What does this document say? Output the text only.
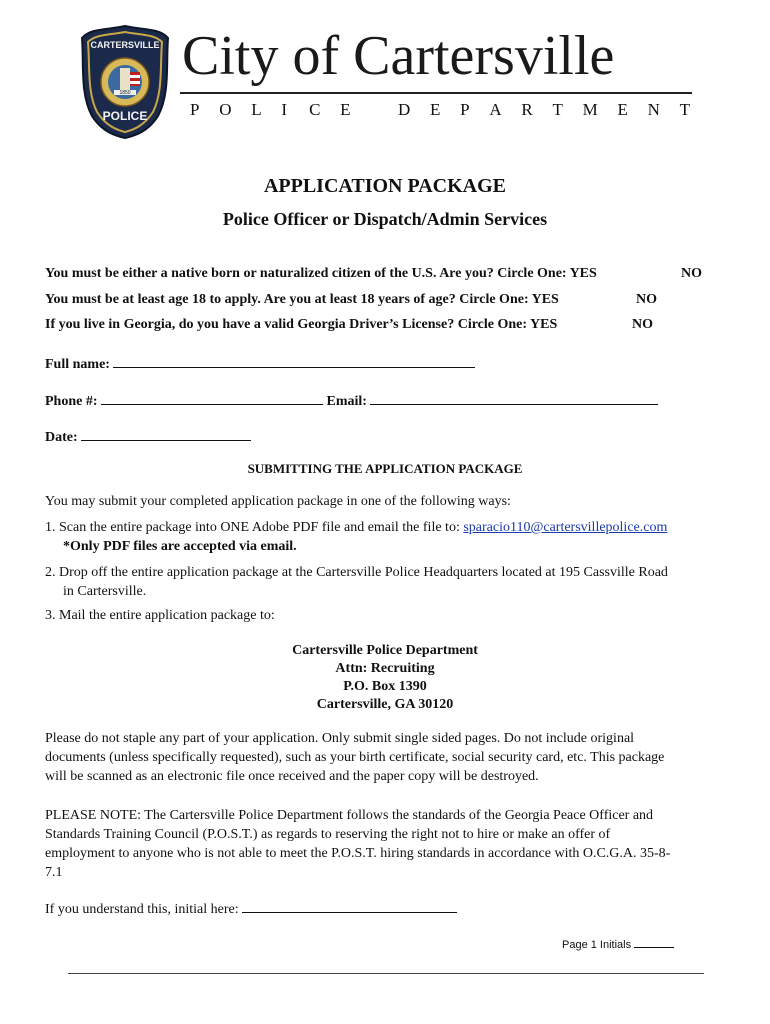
CARTERSVILLE
POLICE
1850
City of Cartersville
P O L I C E	D E P A R T M E N T
APPLICATION PACKAGE
Police Officer or Dispatch/Admin Services
You must be either a native born or naturalized citizen of the U.S. Are you? Circle One: YES	NO
You must be at least age 18 to apply. Are you at least 18 years of age? Circle One: YES	NO
If you live in Georgia, do you have a valid Georgia Driver’s License? Circle One: YES	NO
Full name:
Phone #:	Email:
Date:
SUBMITTING THE APPLICATION PACKAGE
You may submit your completed application package in one of the following ways:
1. Scan the entire package into ONE Adobe PDF file and email the file to: sparacio110@cartersvillepolice.com
*Only PDF files are accepted via email.
2. Drop off the entire application package at the Cartersville Police Headquarters located at 195 Cassville Road
in Cartersville.
3. Mail the entire application package to:
Cartersville Police Department
Attn: Recruiting
P.O. Box 1390
Cartersville, GA 30120
Please do not staple any part of your application. Only submit single sided pages. Do not include original
documents (unless specifically requested), such as your birth certificate, social security card, etc. This package
will be scanned as an electronic file once received and the paper copy will be destroyed.
PLEASE NOTE: The Cartersville Police Department follows the standards of the Georgia Peace Officer and
Standards Training Council (P.O.S.T.) as regards to reserving the right not to hire or make an offer of
employment to anyone who is not able to meet the P.O.S.T. hiring standards in accordance with O.C.G.A. 35-8-
7.1
If you understand this, initial here:
Page 1 Initials
